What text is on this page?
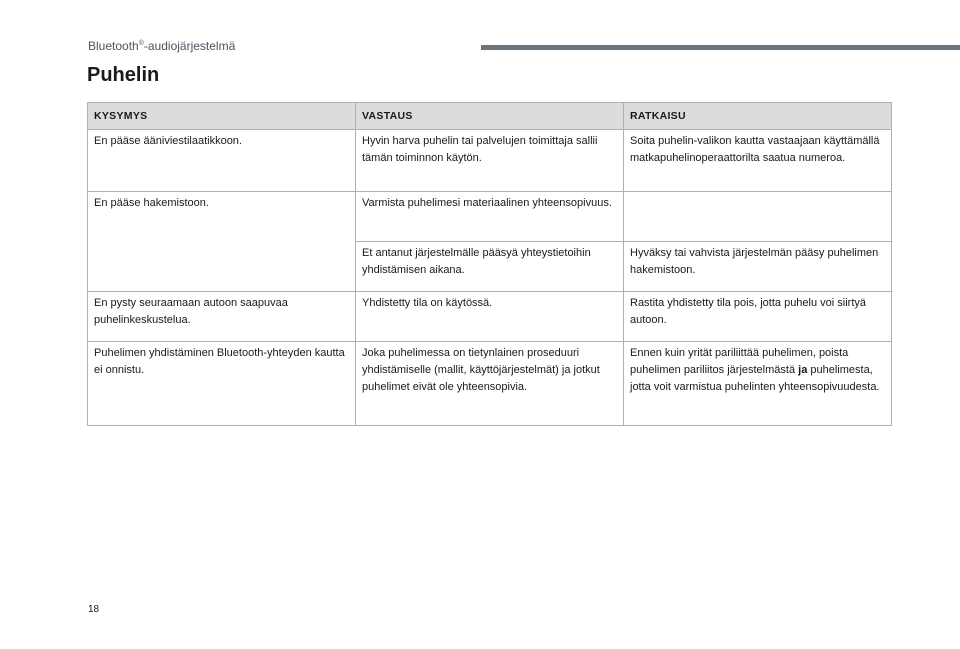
Bluetooth®-audiojärjestelmä
Puhelin
KYSYMYS	VASTAUS	RATKAISU
En pääse ääniviestilaatikkoon.	Hyvin harva puhelin tai palvelujen toimittaja sallii tämän toiminnon käytön.	Soita puhelin-valikon kautta vastaajaan käyttämällä matkapuhelinoperaattorilta saatua numeroa.
En pääse hakemistoon.	Varmista puhelimesi materiaalinen yhteensopivuus.	
	Et antanut järjestelmälle pääsyä yhteystietoihin yhdistämisen aikana.	Hyväksy tai vahvista järjestelmän pääsy puhelimen hakemistoon.
En pysty seuraamaan autoon saapuvaa puhelinkeskustelua.	Yhdistetty tila on käytössä.	Rastita yhdistetty tila pois, jotta puhelu voi siirtyä autoon.
Puhelimen yhdistäminen Bluetooth-yhteyden kautta ei onnistu.	Joka puhelimessa on tietynlainen proseduuri yhdistämiselle (mallit, käyttöjärjestelmät) ja jotkut puhelimet eivät ole yhteensopivia.	Ennen kuin yrität pariliittää puhelimen, poista puhelimen pariliitos järjestelmästä ja puhelimesta, jotta voit varmistua puhelinten yhteensopivuudesta.
18
